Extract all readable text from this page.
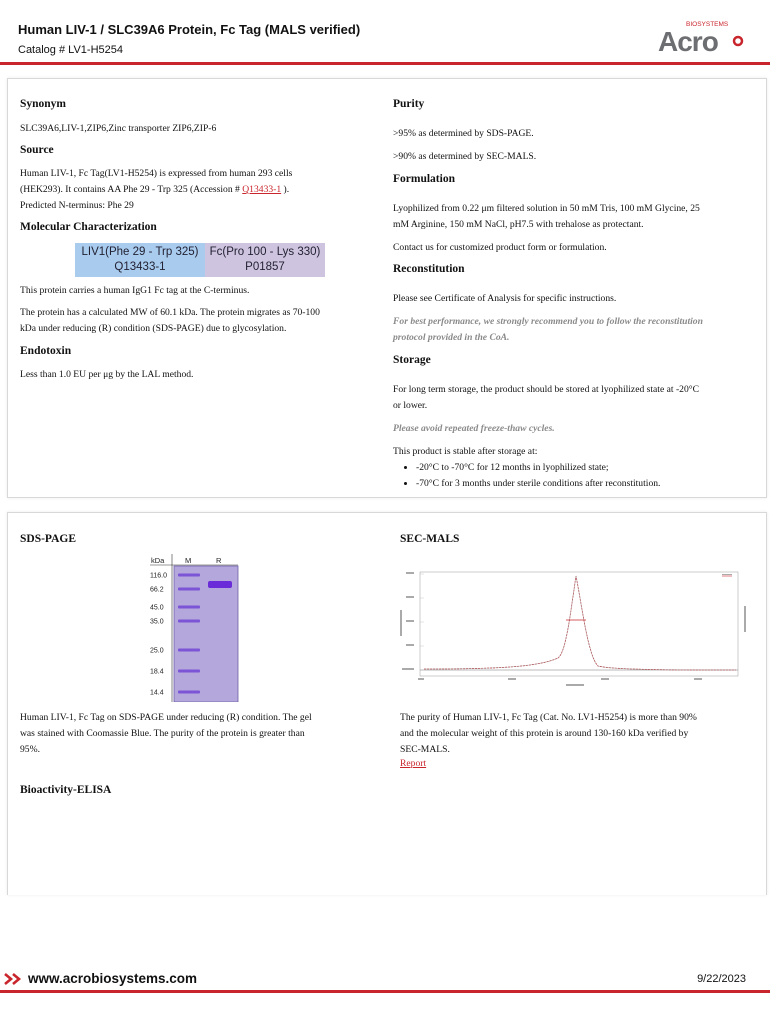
Human LIV-1 / SLC39A6 Protein, Fc Tag (MALS verified)
Catalog # LV1-H5254
BIOSYSTEMS
Acro
Synonym
SLC39A6,LIV-1,ZIP6,Zinc transporter ZIP6,ZIP-6
Source
Human LIV-1, Fc Tag(LV1-H5254) is expressed from human 293 cells
(HEK293). It contains AA Phe 29 - Trp 325 (Accession # Q13433-1 ).
Predicted N-terminus: Phe 29
Molecular Characterization
LIV1(Phe 29 - Trp 325)
Q13433-1
Fc(Pro 100 - Lys 330)
P01857
This protein carries a human IgG1 Fc tag at the C-terminus.
The protein has a calculated MW of 60.1 kDa. The protein migrates as 70-100
kDa under reducing (R) condition (SDS-PAGE) due to glycosylation.
Endotoxin
Less than 1.0 EU per μg by the LAL method.
Purity
>95% as determined by SDS-PAGE.
>90% as determined by SEC-MALS.
Formulation
Lyophilized from 0.22 μm filtered solution in 50 mM Tris, 100 mM Glycine, 25
mM Arginine, 150 mM NaCl, pH7.5 with trehalose as protectant.
Contact us for customized product form or formulation.
Reconstitution
Please see Certificate of Analysis for specific instructions.
For best performance, we strongly recommend you to follow the reconstitution
protocol provided in the CoA.
Storage
For long term storage, the product should be stored at lyophilized state at -20°C
or lower.
Please avoid repeated freeze-thaw cycles.
This product is stable after storage at:
• -20°C to -70°C for 12 months in lyophilized state;
• -70°C for 3 months under sterile conditions after reconstitution.
SDS-PAGE
kDa	M	R
116.0
66.2
45.0
35.0
25.0
18.4
14.4
Human LIV-1, Fc Tag on SDS-PAGE under reducing (R) condition. The gel
was stained with Coomassie Blue. The purity of the protein is greater than
95%.
SEC-MALS
The purity of Human LIV-1, Fc Tag (Cat. No. LV1-H5254) is more than 90%
and the molecular weight of this protein is around 130-160 kDa verified by
SEC-MALS.
Report
Bioactivity-ELISA
www.acrobiosystems.com	9/22/2023
